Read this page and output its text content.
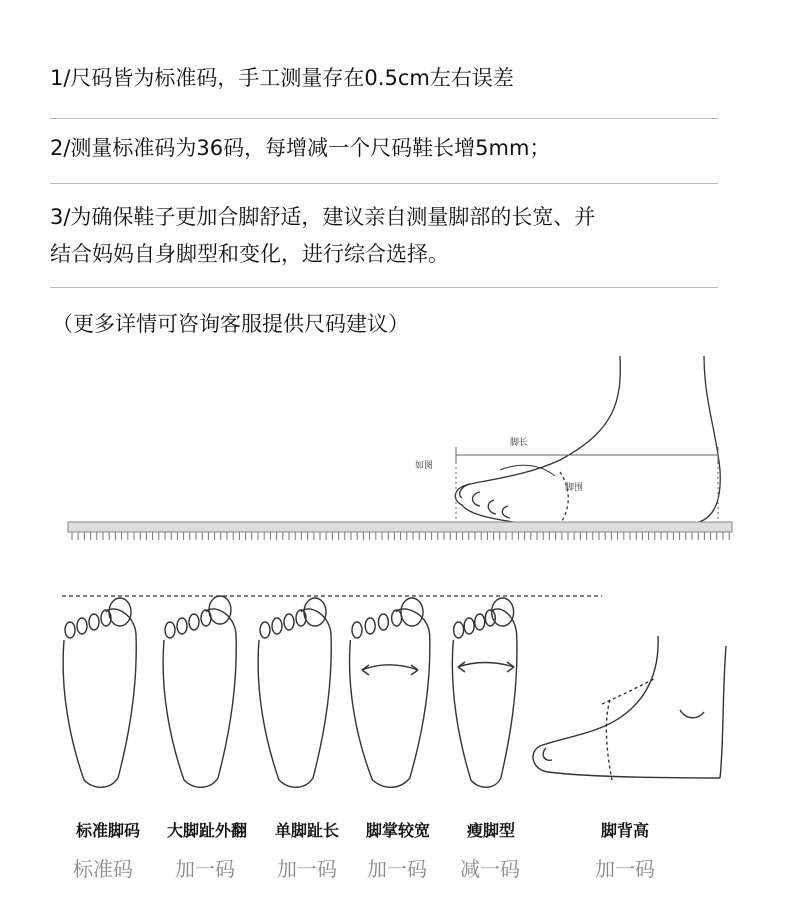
1/尺码皆为标准码，手工测量存在0.5cm左右误差
2/测量标准码为36码，每增减一个尺码鞋长增5mm；
3/为确保鞋子更加合脚舒适，建议亲自测量脚部的长宽、并
结合妈妈自身脚型和变化，进行综合选择。
（更多详情可咨询客服提供尺码建议）
脚长
如图
脚围
标准脚码	大脚趾外翻	单脚趾长	脚掌较宽	瘦脚型	脚背高
标准码	加一码	加一码	加一码	减一码	加一码
